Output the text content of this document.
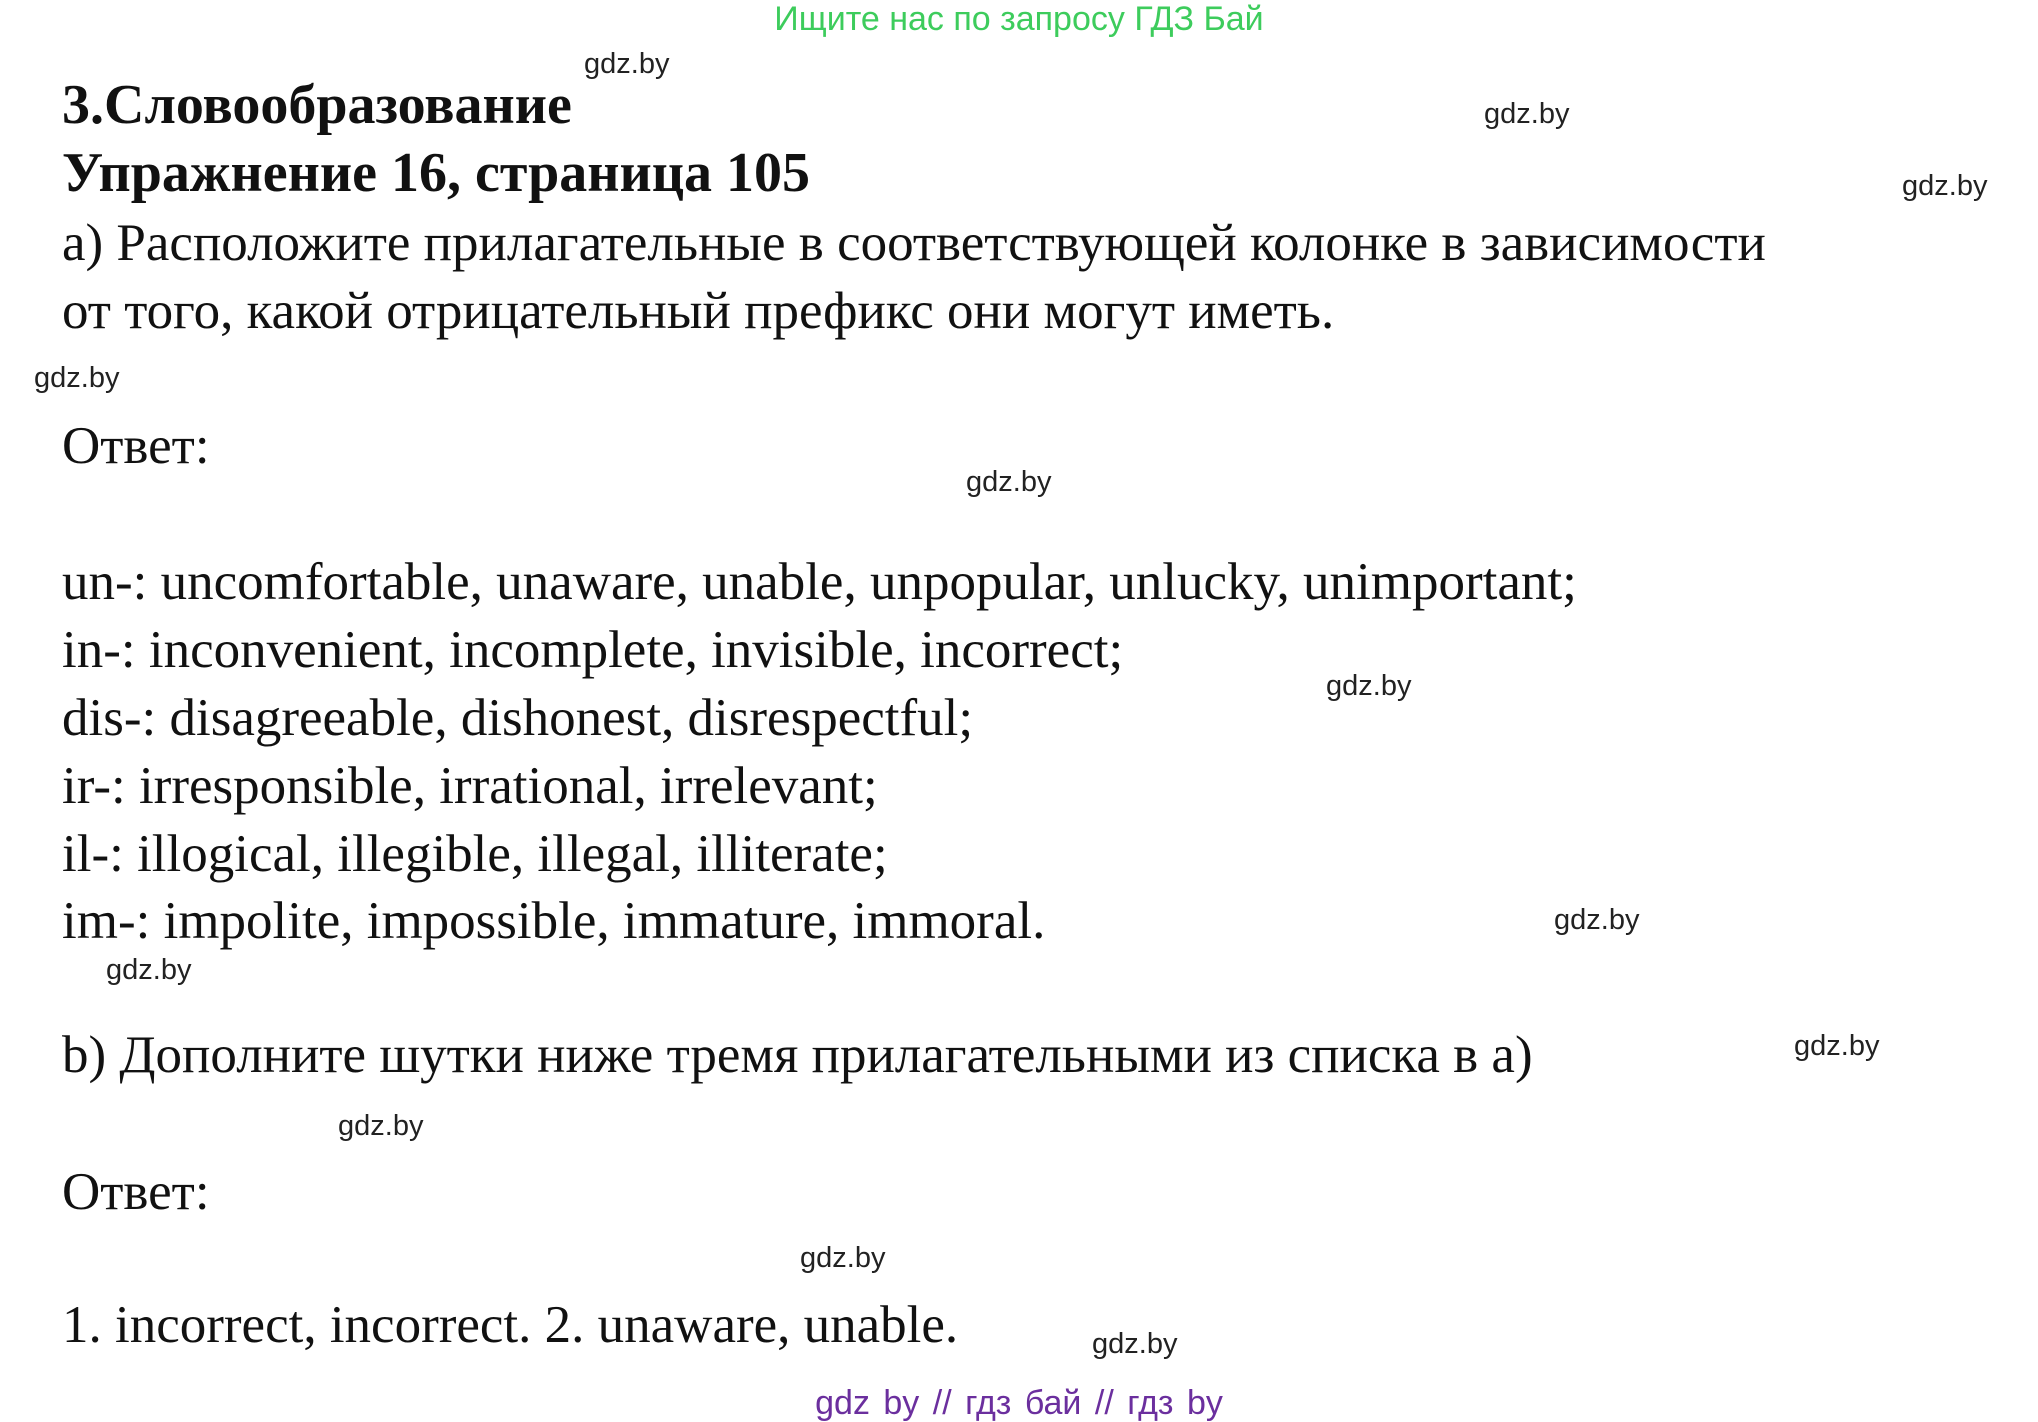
Ищите нас по запросу ГДЗ Бай
gdz.by
gdz.by
gdz.by
gdz.by
gdz.by
gdz.by
gdz.by
gdz.by
gdz.by
gdz.by
gdz.by
gdz.by
3.Словообразование
Упражнение 16, страница 105
a) Расположите прилагательные в соответствующей колонке в зависимости
от того, какой отрицательный префикс они могут иметь.
Ответ:
un-: uncomfortable, unaware, unable, unpopular, unlucky, unimportant;
in-: inconvenient, incomplete, invisible, incorrect;
dis-: disagreeable, dishonest, disrespectful;
ir-: irresponsible, irrational, irrelevant;
il-: illogical, illegible, illegal, illiterate;
im-: impolite, impossible, immature, immoral.
b) Дополните шутки ниже тремя прилагательными из списка в a)
Ответ:
1. incorrect, incorrect. 2. unaware, unable.
gdz by // гдз бай // гдз by
